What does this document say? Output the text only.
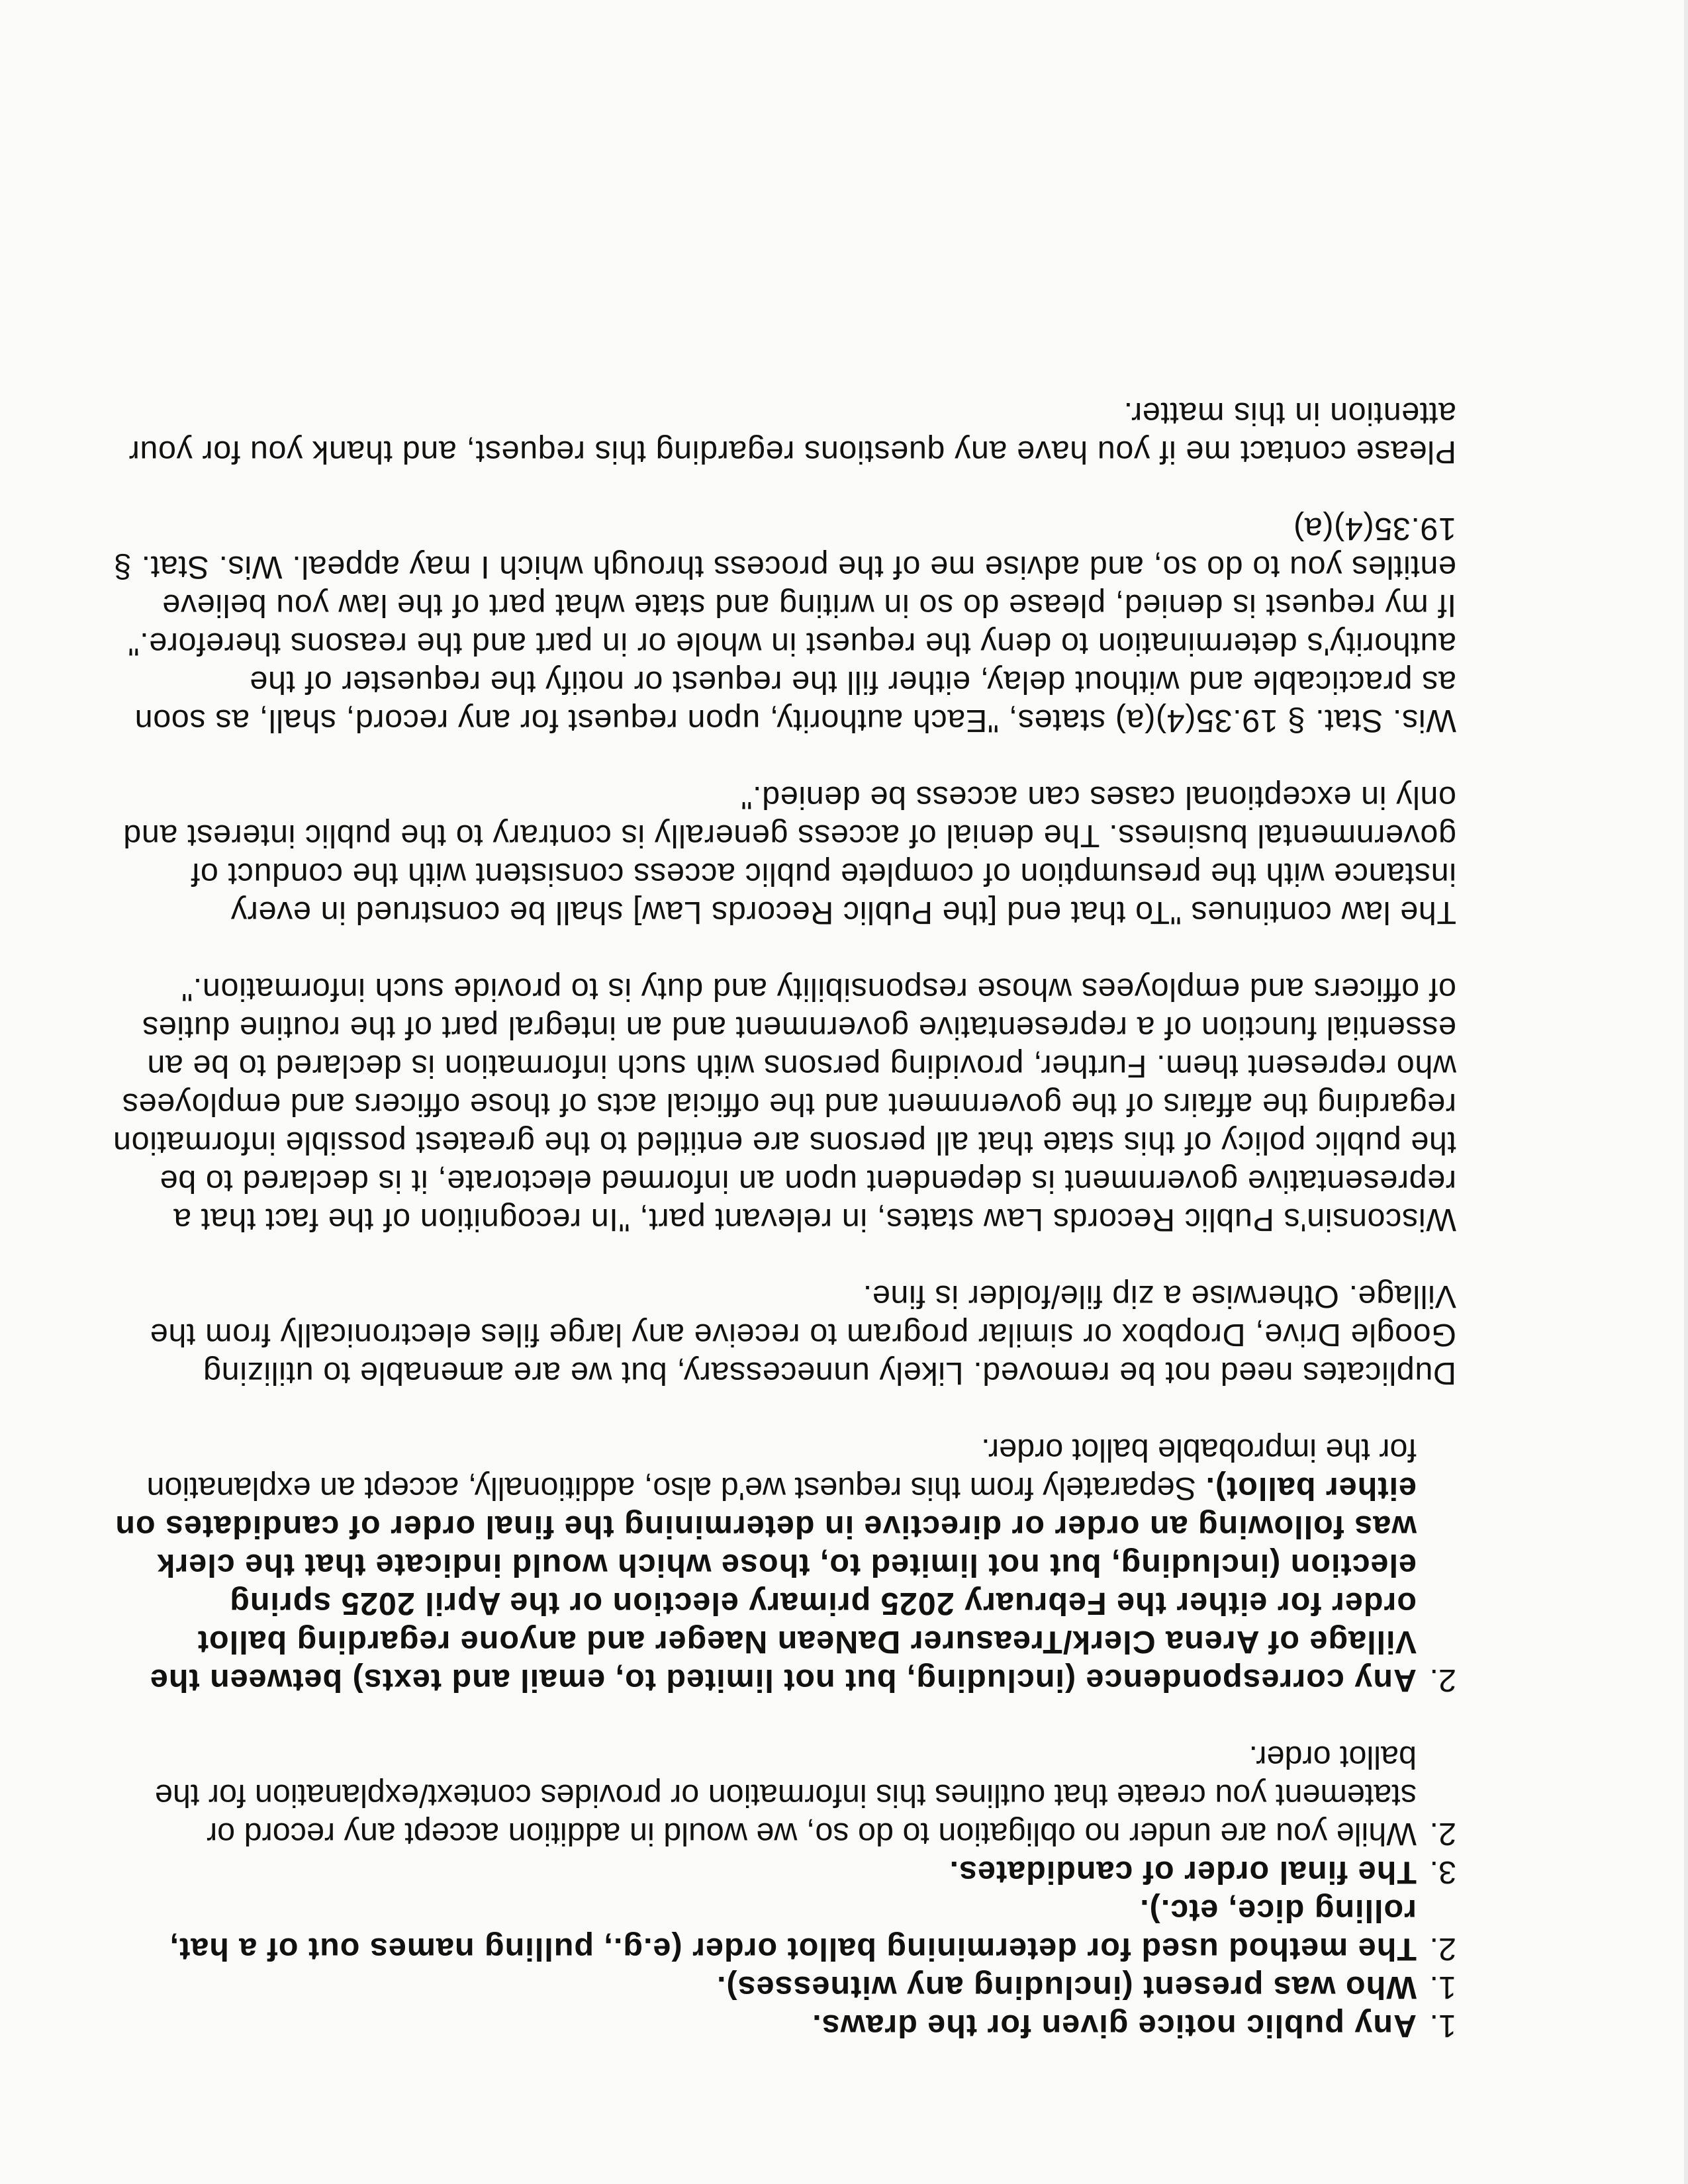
1.
Any public notice given for the draws.
1.
Who was present (including any witnesses).
2.
The method used for determining ballot order (e.g., pulling names out of a hat, rolling dice, etc.).
3.
The final order of candidates.
2.
While you are under no obligation to do so, we would in addition accept any record or statement you create that outlines this information or provides context/explanation for the ballot order.
2.
Any correspondence (including, but not limited to, email and texts) between the Village of Arena Clerk/Treasurer DaNean Naeger and anyone regarding ballot order for either the February 2025 primary election or the April 2025 spring election (including, but not limited to, those which would indicate that the clerk was following an order or directive in determining the final order of candidates on either ballot). Separately from this request we'd also, additionally, accept an explanation for the improbable ballot order.

Duplicates need not be removed. Likely unnecessary, but we are amenable to utilizing Google Drive, Dropbox or similar program to receive any large files electronically from the Village. Otherwise a zip file/folder is fine.

Wisconsin's Public Records Law states, in relevant part, "In recognition of the fact that a representative government is dependent upon an informed electorate, it is declared to be the public policy of this state that all persons are entitled to the greatest possible information regarding the affairs of the government and the official acts of those officers and employees who represent them. Further, providing persons with such information is declared to be an essential function of a representative government and an integral part of the routine duties of officers and employees whose responsibility and duty is to provide such information."

The law continues "To that end [the Public Records Law] shall be construed in every instance with the presumption of complete public access consistent with the conduct of governmental business. The denial of access generally is contrary to the public interest and only in exceptional cases can access be denied."

Wis. Stat. § 19.35(4)(a) states, "Each authority, upon request for any record, shall, as soon as practicable and without delay, either fill the request or notify the requester of the authority's determination to deny the request in whole or in part and the reasons therefore." If my request is denied, please do so in writing and state what part of the law you believe entitles you to do so, and advise me of the process through which I may appeal. Wis. Stat. § 19.35(4)(a)

Please contact me if you have any questions regarding this request, and thank you for your attention in this matter.
